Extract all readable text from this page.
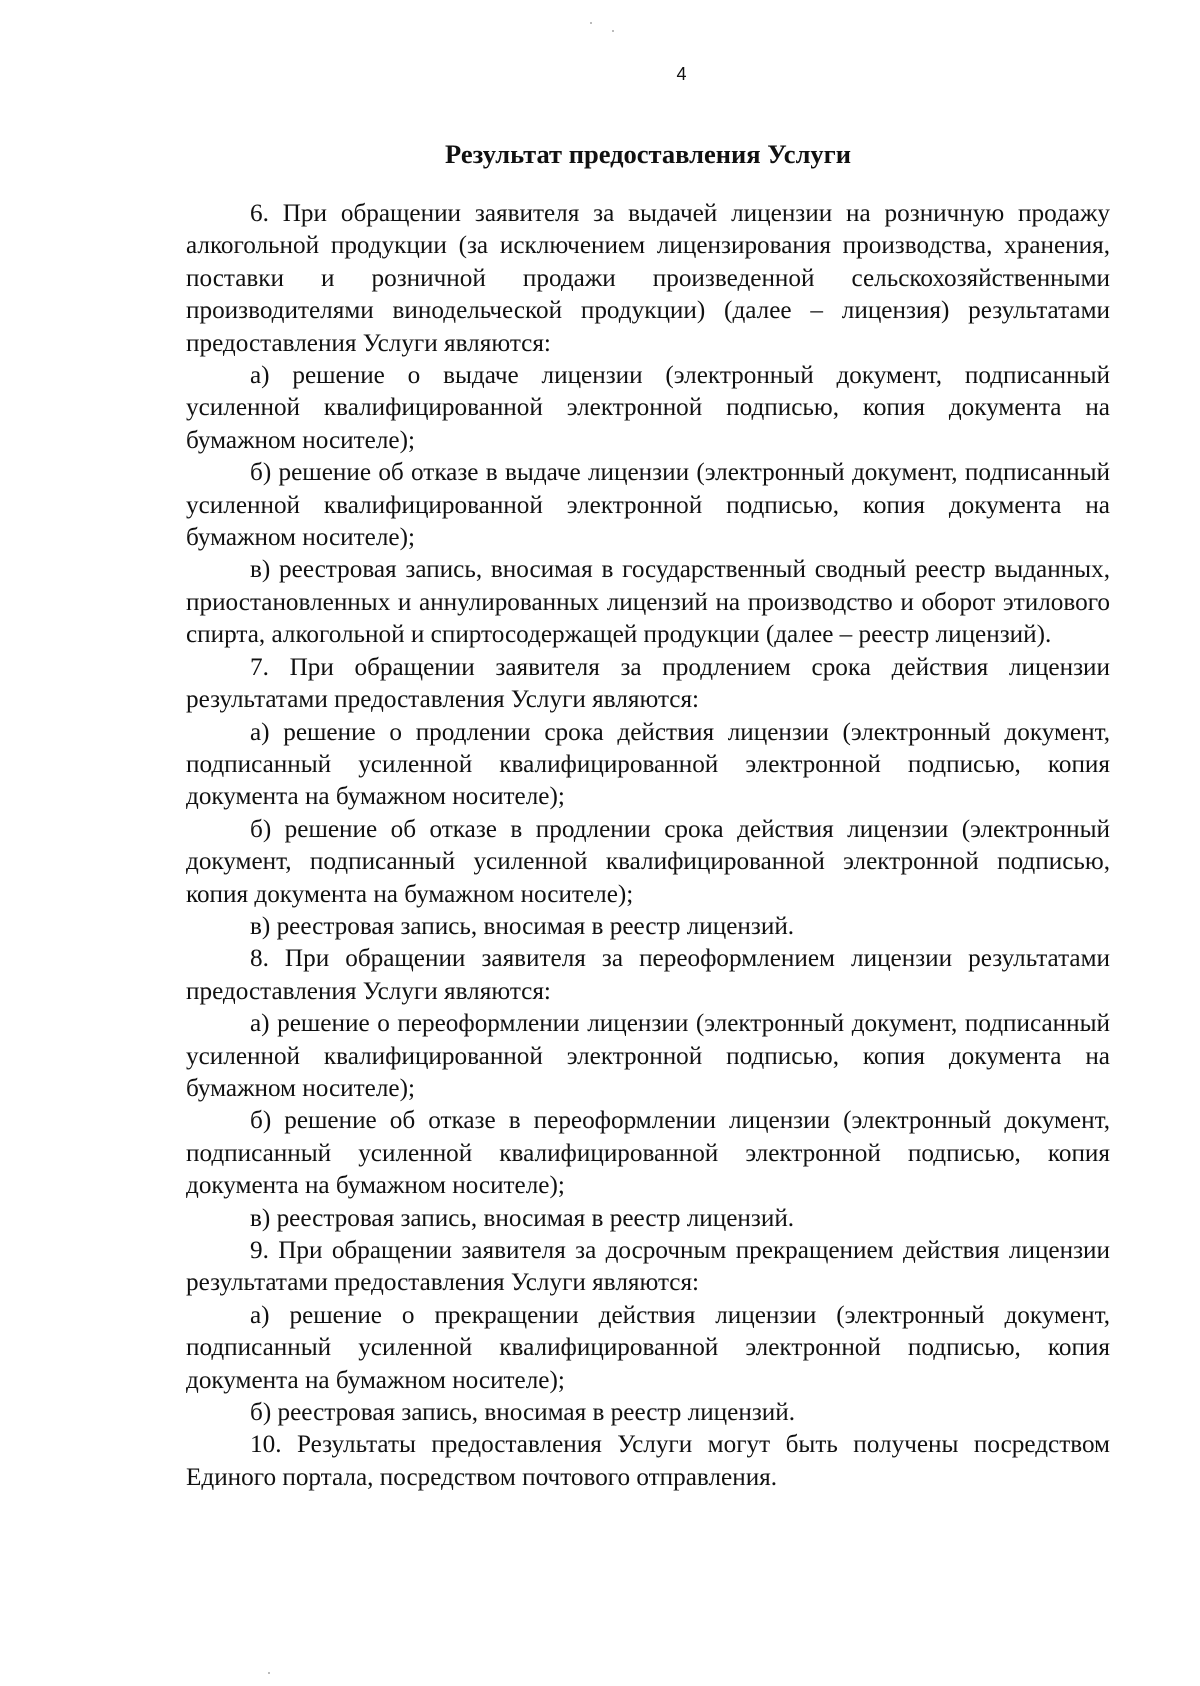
4
Результат предоставления Услуги

6. При обращении заявителя за выдачей лицензии на розничную продажу алкогольной продукции (за исключением лицензирования производства, хранения, поставки и розничной продажи произведенной сельскохозяйственными производителями винодельческой продукции) (далее – лицензия) результатами предоставления Услуги являются:

а) решение о выдаче лицензии (электронный документ, подписанный усиленной квалифицированной электронной подписью, копия документа на бумажном носителе);

б) решение об отказе в выдаче лицензии (электронный документ, подписанный усиленной квалифицированной электронной подписью, копия документа на бумажном носителе);

в) реестровая запись, вносимая в государственный сводный реестр выданных, приостановленных и аннулированных лицензий на производство и оборот этилового спирта, алкогольной и спиртосодержащей продукции (далее – реестр лицензий).

7. При обращении заявителя за продлением срока действия лицензии результатами предоставления Услуги являются:

а) решение о продлении срока действия лицензии (электронный документ, подписанный усиленной квалифицированной электронной подписью, копия документа на бумажном носителе);

б) решение об отказе в продлении срока действия лицензии (электронный документ, подписанный усиленной квалифицированной электронной подписью, копия документа на бумажном носителе);

в) реестровая запись, вносимая в реестр лицензий.

8. При обращении заявителя за переоформлением лицензии результатами предоставления Услуги являются:

а) решение о переоформлении лицензии (электронный документ, подписанный усиленной квалифицированной электронной подписью, копия документа на бумажном носителе);

б) решение об отказе в переоформлении лицензии (электронный документ, подписанный усиленной квалифицированной электронной подписью, копия документа на бумажном носителе);

в) реестровая запись, вносимая в реестр лицензий.

9. При обращении заявителя за досрочным прекращением действия лицензии результатами предоставления Услуги являются:

а) решение о прекращении действия лицензии (электронный документ, подписанный усиленной квалифицированной электронной подписью, копия документа на бумажном носителе);

б) реестровая запись, вносимая в реестр лицензий.

10. Результаты предоставления Услуги могут быть получены посредством Единого портала, посредством почтового отправления.
